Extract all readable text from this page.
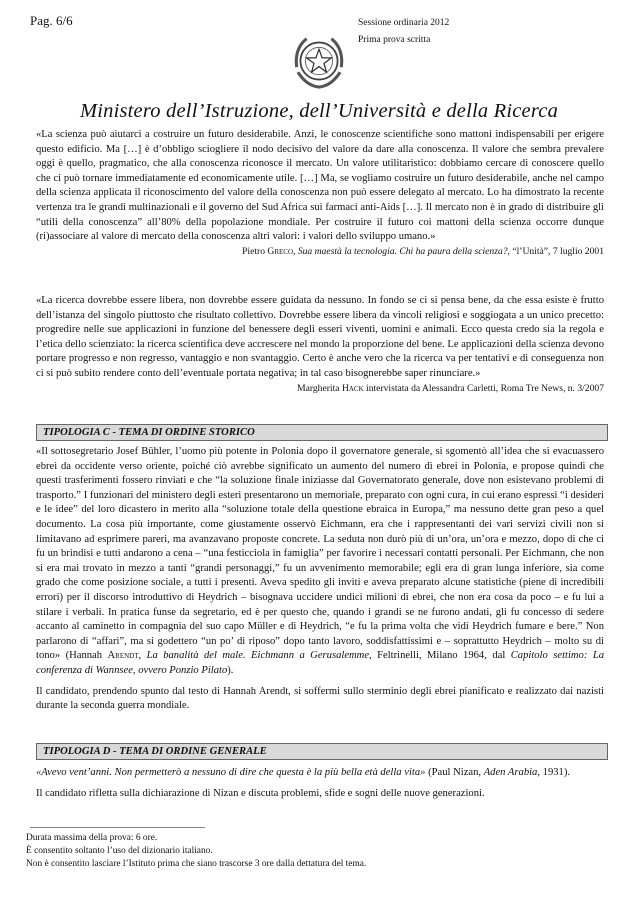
Pag. 6/6	Sessione ordinaria 2012
Prima prova scritta
Ministero dell’Istruzione, dell’Università e della Ricerca
«La scienza può aiutarci a costruire un futuro desiderabile. Anzi, le conoscenze scientifiche sono mattoni indispensabili per erigere questo edificio. Ma […] è d’obbligo sciogliere il nodo decisivo del valore da dare alla conoscenza. Il valore che sembra prevalere oggi è quello, pragmatico, che alla conoscenza riconosce il mercato. Un valore utilitaristico: dobbiamo cercare di conoscere quello che ci può tornare immediatamente ed economicamente utile. […] Ma, se vogliamo costruire un futuro desiderabile, anche nel campo della scienza applicata il riconoscimento del valore della conoscenza non può essere delegato al mercato. Lo ha dimostrato la recente vertenza tra le grandi multinazionali e il governo del Sud Africa sui farmaci anti-Aids […]. Il mercato non è in grado di distribuire gli “utili della conoscenza” all’80% della popolazione mondiale. Per costruire il futuro coi mattoni della scienza occorre dunque (ri)associare al valore di mercato della conoscenza altri valori: i valori dello sviluppo umano.»
Pietro Greco, Sua maestà la tecnologia. Chi ha paura della scienza?, “l’Unità”, 7 luglio 2001
«La ricerca dovrebbe essere libera, non dovrebbe essere guidata da nessuno. In fondo se ci si pensa bene, da che essa esiste è frutto dell’istanza del singolo piuttosto che risultato collettivo. Dovrebbe essere libera da vincoli religiosi e soggiogata a un unico precetto: progredire nelle sue applicazioni in funzione del benessere degli esseri viventi, uomini e animali. Ecco questa credo sia la regola e l’etica dello scienziato: la ricerca scientifica deve accrescere nel mondo la proporzione del bene. Le applicazioni della scienza devono portare progresso e non regresso, vantaggio e non svantaggio. Certo è anche vero che la ricerca va per tentativi e di conseguenza non ci si può subito rendere conto dell’eventuale portata negativa; in tal caso bisognerebbe saper rinunciare.»
Margherita Hack intervistata da Alessandra Carletti, Roma Tre News, n. 3/2007
TIPOLOGIA C - TEMA DI ORDINE STORICO
«Il sottosegretario Josef Bühler, l’uomo più potente in Polonia dopo il governatore generale, si sgomentò all’idea che si evacuassero ebrei da occidente verso oriente, poiché ciò avrebbe significato un aumento del numero di ebrei in Polonia, e propose quindi che questi trasferimenti fossero rinviati e che “la soluzione finale iniziasse dal Governatorato generale, dove non esistevano problemi di trasporto.” I funzionari del ministero degli esteri presentarono un memoriale, preparato con ogni cura, in cui erano espressi “i desideri e le idee” del loro dicastero in merito alla “soluzione totale della questione ebraica in Europa,” ma nessuno dette gran peso a quel documento. La cosa più importante, come giustamente osservò Eichmann, era che i rappresentanti dei vari servizi civili non si limitavano ad esprimere pareri, ma avanzavano proposte concrete. La seduta non durò più di un’ora, un’ora e mezzo, dopo di che ci fu un brindisi e tutti andarono a cena – “una festicciola in famiglia” per favorire i necessari contatti personali. Per Eichmann, che non si era mai trovato in mezzo a tanti “grandi personaggi,” fu un avvenimento memorabile; egli era di gran lunga inferiore, sia come grado che come posizione sociale, a tutti i presenti. Aveva spedito gli inviti e aveva preparato alcune statistiche (piene di incredibili errori) per il discorso introduttivo di Heydrich – bisognava uccidere undici milioni di ebrei, che non era cosa da poco – e fu lui a stilare i verbali. In pratica funse da segretario, ed è per questo che, quando i grandi se ne furono andati, gli fu concesso di sedere accanto al caminetto in compagnia del suo capo Müller e di Heydrich, “e fu la prima volta che vidi Heydrich fumare e bere.” Non parlarono di “affari”, ma si godettero “un po’ di riposo” dopo tanto lavoro, soddisfattissimi e – soprattutto Heydrich – molto su di tono» (Hannah Arendt, La banalità del male. Eichmann a Gerusalemme, Feltrinelli, Milano 1964, dal Capitolo settimo: La conferenza di Wannsee, ovvero Ponzio Pilato).
Il candidato, prendendo spunto dal testo di Hannah Arendt, si soffermi sullo sterminio degli ebrei pianificato e realizzato dai nazisti durante la seconda guerra mondiale.
TIPOLOGIA D - TEMA DI ORDINE GENERALE
«Avevo vent’anni. Non permetterò a nessuno di dire che questa è la più bella età della vita» (Paul Nizan, Aden Arabia, 1931).
Il candidato rifletta sulla dichiarazione di Nizan e discuta problemi, sfide e sogni delle nuove generazioni.
Durata massima della prova: 6 ore.
È consentito soltanto l’uso del dizionario italiano.
Non è consentito lasciare l’Istituto prima che siano trascorse 3 ore dalla dettatura del tema.
